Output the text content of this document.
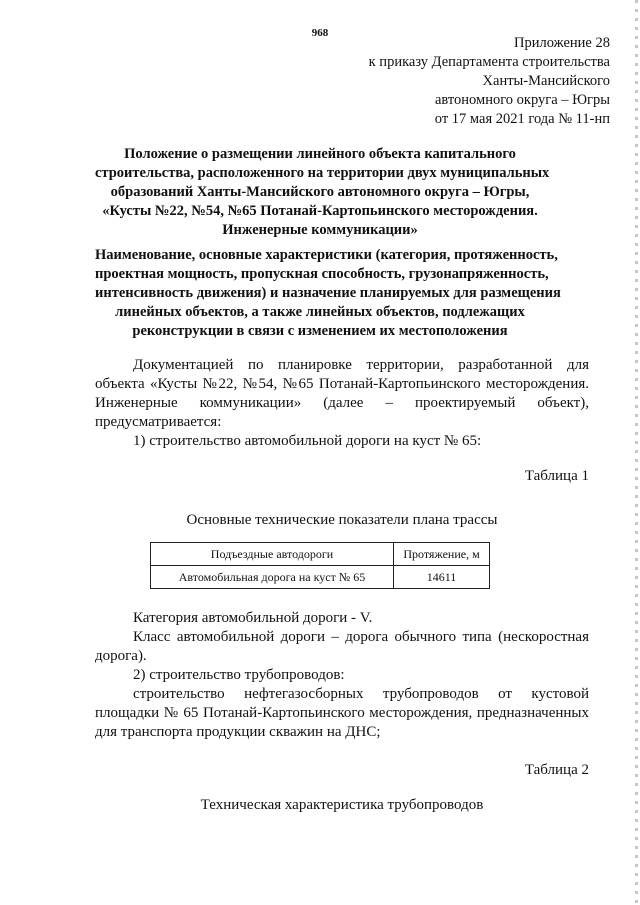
968
Приложение 28
к приказу Департамента строительства
Ханты-Мансийского
автономного округа – Югры
от 17 мая 2021 года № 11-нп
Положение о размещении линейного объекта капитального
строительства, расположенного на территории двух муниципальных
образований Ханты-Мансийского автономного округа – Югры,
«Кусты №22, №54, №65 Потанай-Картопьинского месторождения.
Инженерные коммуникации»
Наименование, основные характеристики (категория, протяженность,
проектная мощность, пропускная способность, грузонапряженность,
интенсивность движения) и назначение планируемых для размещения
линейных объектов, а также линейных объектов, подлежащих
реконструкции в связи с изменением их местоположения
Документацией по планировке территории, разработанной для
объекта «Кусты №22, №54, №65 Потанай-Картопьинского месторождения.
Инженерные коммуникации» (далее – проектируемый объект),
предусматривается:
1) строительство автомобильной дороги на куст № 65:
Таблица 1
Основные технические показатели плана трассы
Подъездные автодороги	Протяжение, м
Автомобильная дорога на куст № 65	14611
Категория автомобильной дороги - V.
Класс автомобильной дороги – дорога обычного типа (нескоростная
дорога).
2) строительство трубопроводов:
строительство нефтегазосборных трубопроводов от кустовой
площадки № 65 Потанай-Картопьинского месторождения, предназначенных
для транспорта продукции скважин на ДНС;
Таблица 2
Техническая характеристика трубопроводов
